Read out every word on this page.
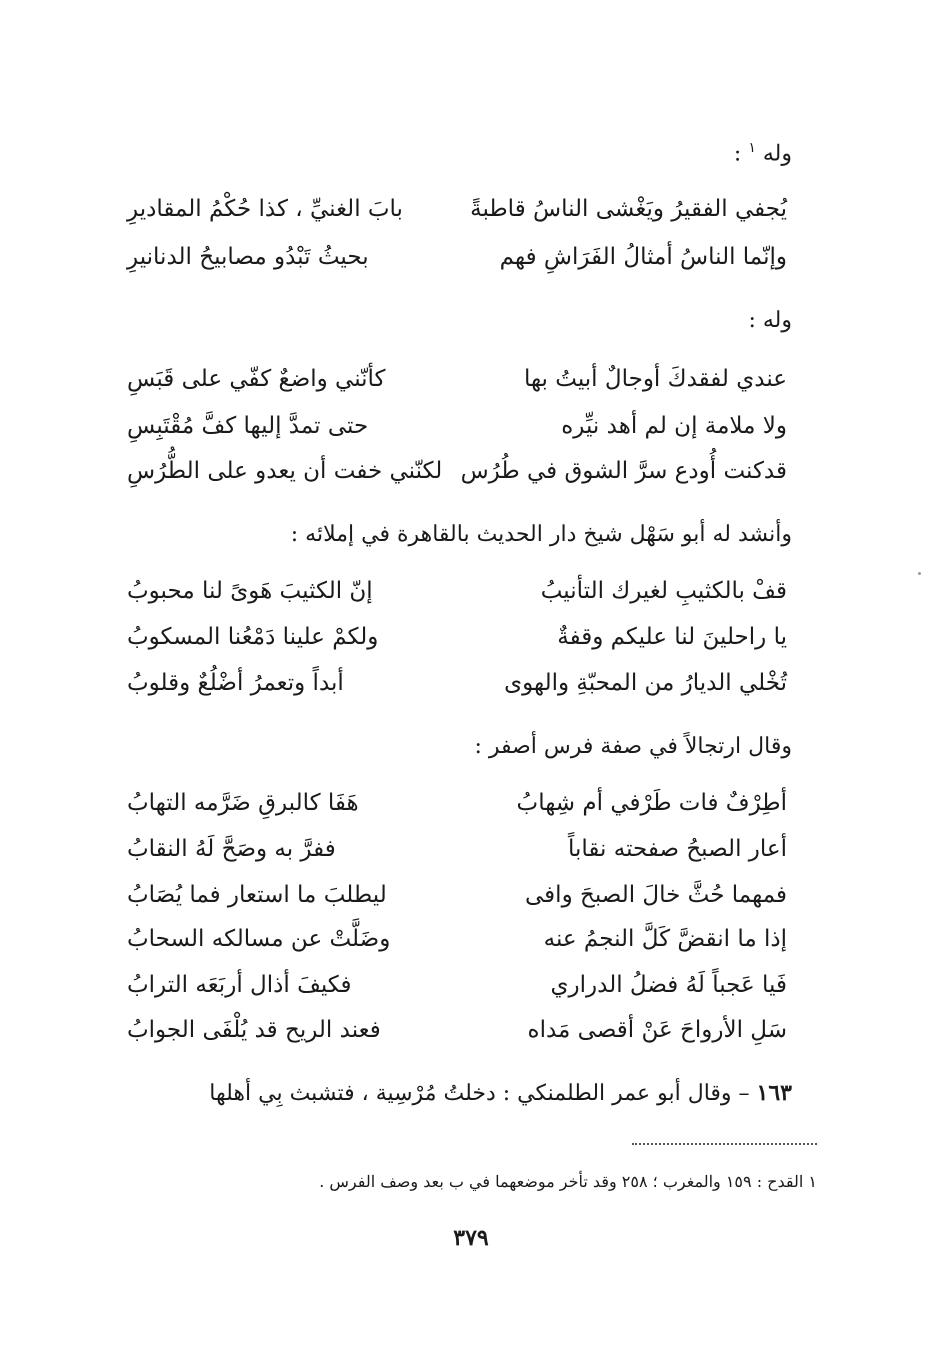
وله $^١$ :
يُجفي الفقيرُ ويَغْشى الناسُ قاطبةً
بابَ الغنيِّ ، كذا حُكْمُ المقاديرِ
وإنّما الناسُ أمثالُ الفَرَاشِ فهم
بحيثُ تَبْدُو مصابيحُ الدنانيرِ
وله :
عندي لفقدكَ أوجالٌ أبيتُ بها
كأنّني واضعٌ كفّي على قَبَسِ
ولا ملامة إن لم أهد نيِّره
حتى تمدَّ إليها كفَّ مُقْتَبِسِ
قدكنت أُودع سرَّ الشوق في طُرُس
لكنّني خفت أن يعدو على الطُّرُسِ
وأنشد له أبو سَهْل شيخ دار الحديث بالقاهرة في إملائه :
قفْ بالكثيبِ لغيرك التأنيبُ
إنّ الكثيبَ هَوىً لنا محبوبُ
يا راحلينَ لنا عليكم وقفةٌ
ولكمْ علينا دَمْعُنا المسكوبُ
تُخْلي الديارُ من المحبّةِ والهوى
أبداً وتعمرُ أضْلُعٌ وقلوبُ
وقال ارتجالاً في صفة فرس أصفر :
أطِرْفٌ فات طَرْفي أم شِهابُ
هَفَا كالبرقِ ضَرَّمه التهابُ
أعار الصبحُ صفحته نقاباً
ففرَّ به وصَحَّ لَهُ النقابُ
فمهما حُثَّ خالَ الصبحَ وافى
ليطلبَ ما استعار فما يُصَابُ
إذا ما انقضَّ كَلَّ النجمُ عنه
وضَلَّتْ عن مسالكه السحابُ
فَيا عَجباً لَهُ فضلُ الدراري
فكيفَ أذال أربَعَه الترابُ
سَلِ الأرواحَ عَنْ أقصى مَداه
فعند الريح قد يُلْفَى الجوابُ
١٦٣ – وقال أبو عمر الطلمنكي : دخلتُ مُرْسِية ، فتشبث بِي أهلها
١ القدح : ١٥٩ والمغرب ؛ ٢٥٨ وقد تأخر موضعهما في ب بعد وصف الفرس .
٣٧٩
